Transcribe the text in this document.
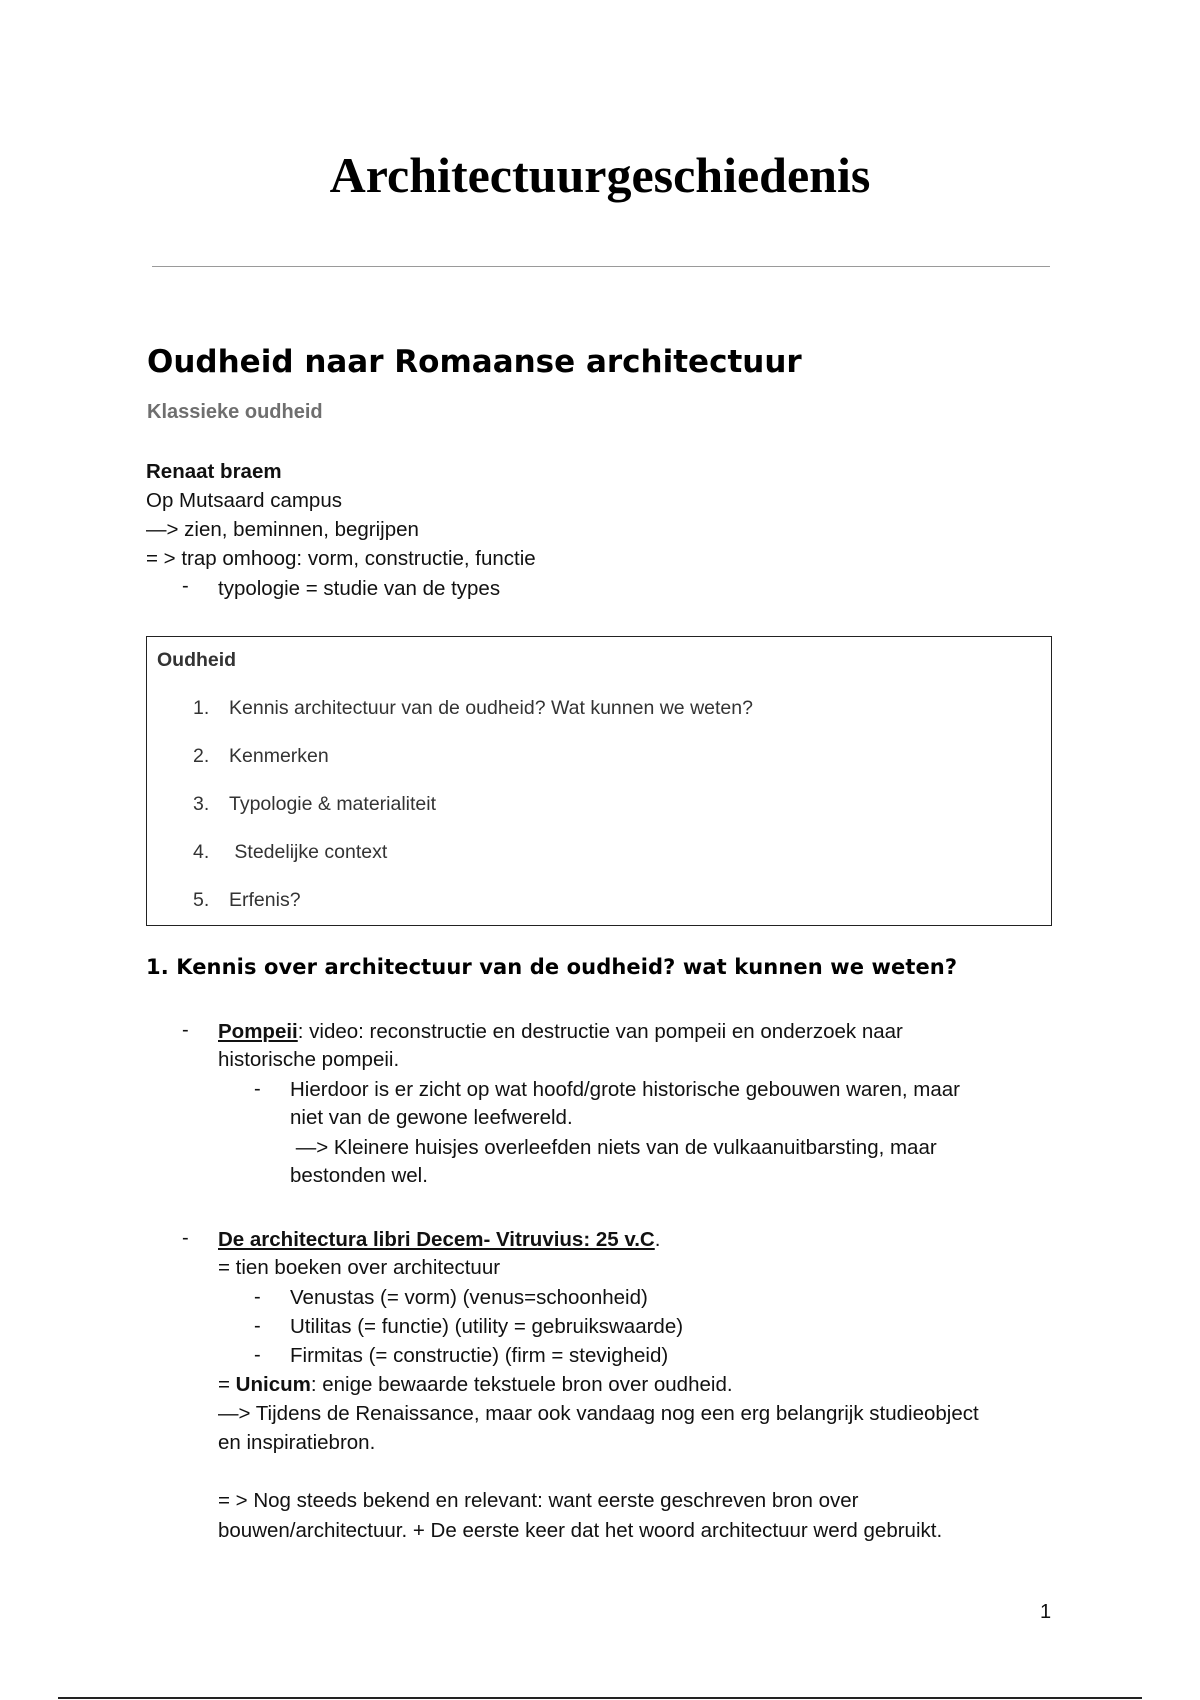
Architectuurgeschiedenis
Oudheid naar Romaanse architectuur
Klassieke oudheid
Renaat braem
Op Mutsaard campus
—> zien, beminnen, begrijpen
= > trap omhoog: vorm, constructie, functie
- typologie = studie van de types
Oudheid
1. Kennis architectuur van de oudheid? Wat kunnen we weten?
2. Kenmerken
3. Typologie & materialiteit
4. Stedelijke context
5. Erfenis?
1. Kennis over architectuur van de oudheid? wat kunnen we weten?
- Pompeii: video: reconstructie en destructie van pompeii en onderzoek naar
historische pompeii.
- Hierdoor is er zicht op wat hoofd/grote historische gebouwen waren, maar
niet van de gewone leefwereld.
—> Kleinere huisjes overleefden niets van de vulkaanuitbarsting, maar
bestonden wel.
- De architectura libri Decem- Vitruvius: 25 v.C.
= tien boeken over architectuur
- Venustas (= vorm) (venus=schoonheid)
- Utilitas (= functie) (utility = gebruikswaarde)
- Firmitas (= constructie) (firm = stevigheid)
= Unicum: enige bewaarde tekstuele bron over oudheid.
—> Tijdens de Renaissance, maar ook vandaag nog een erg belangrijk studieobject
en inspiratiebron.
= > Nog steeds bekend en relevant: want eerste geschreven bron over
bouwen/architectuur. + De eerste keer dat het woord architectuur werd gebruikt.
1
